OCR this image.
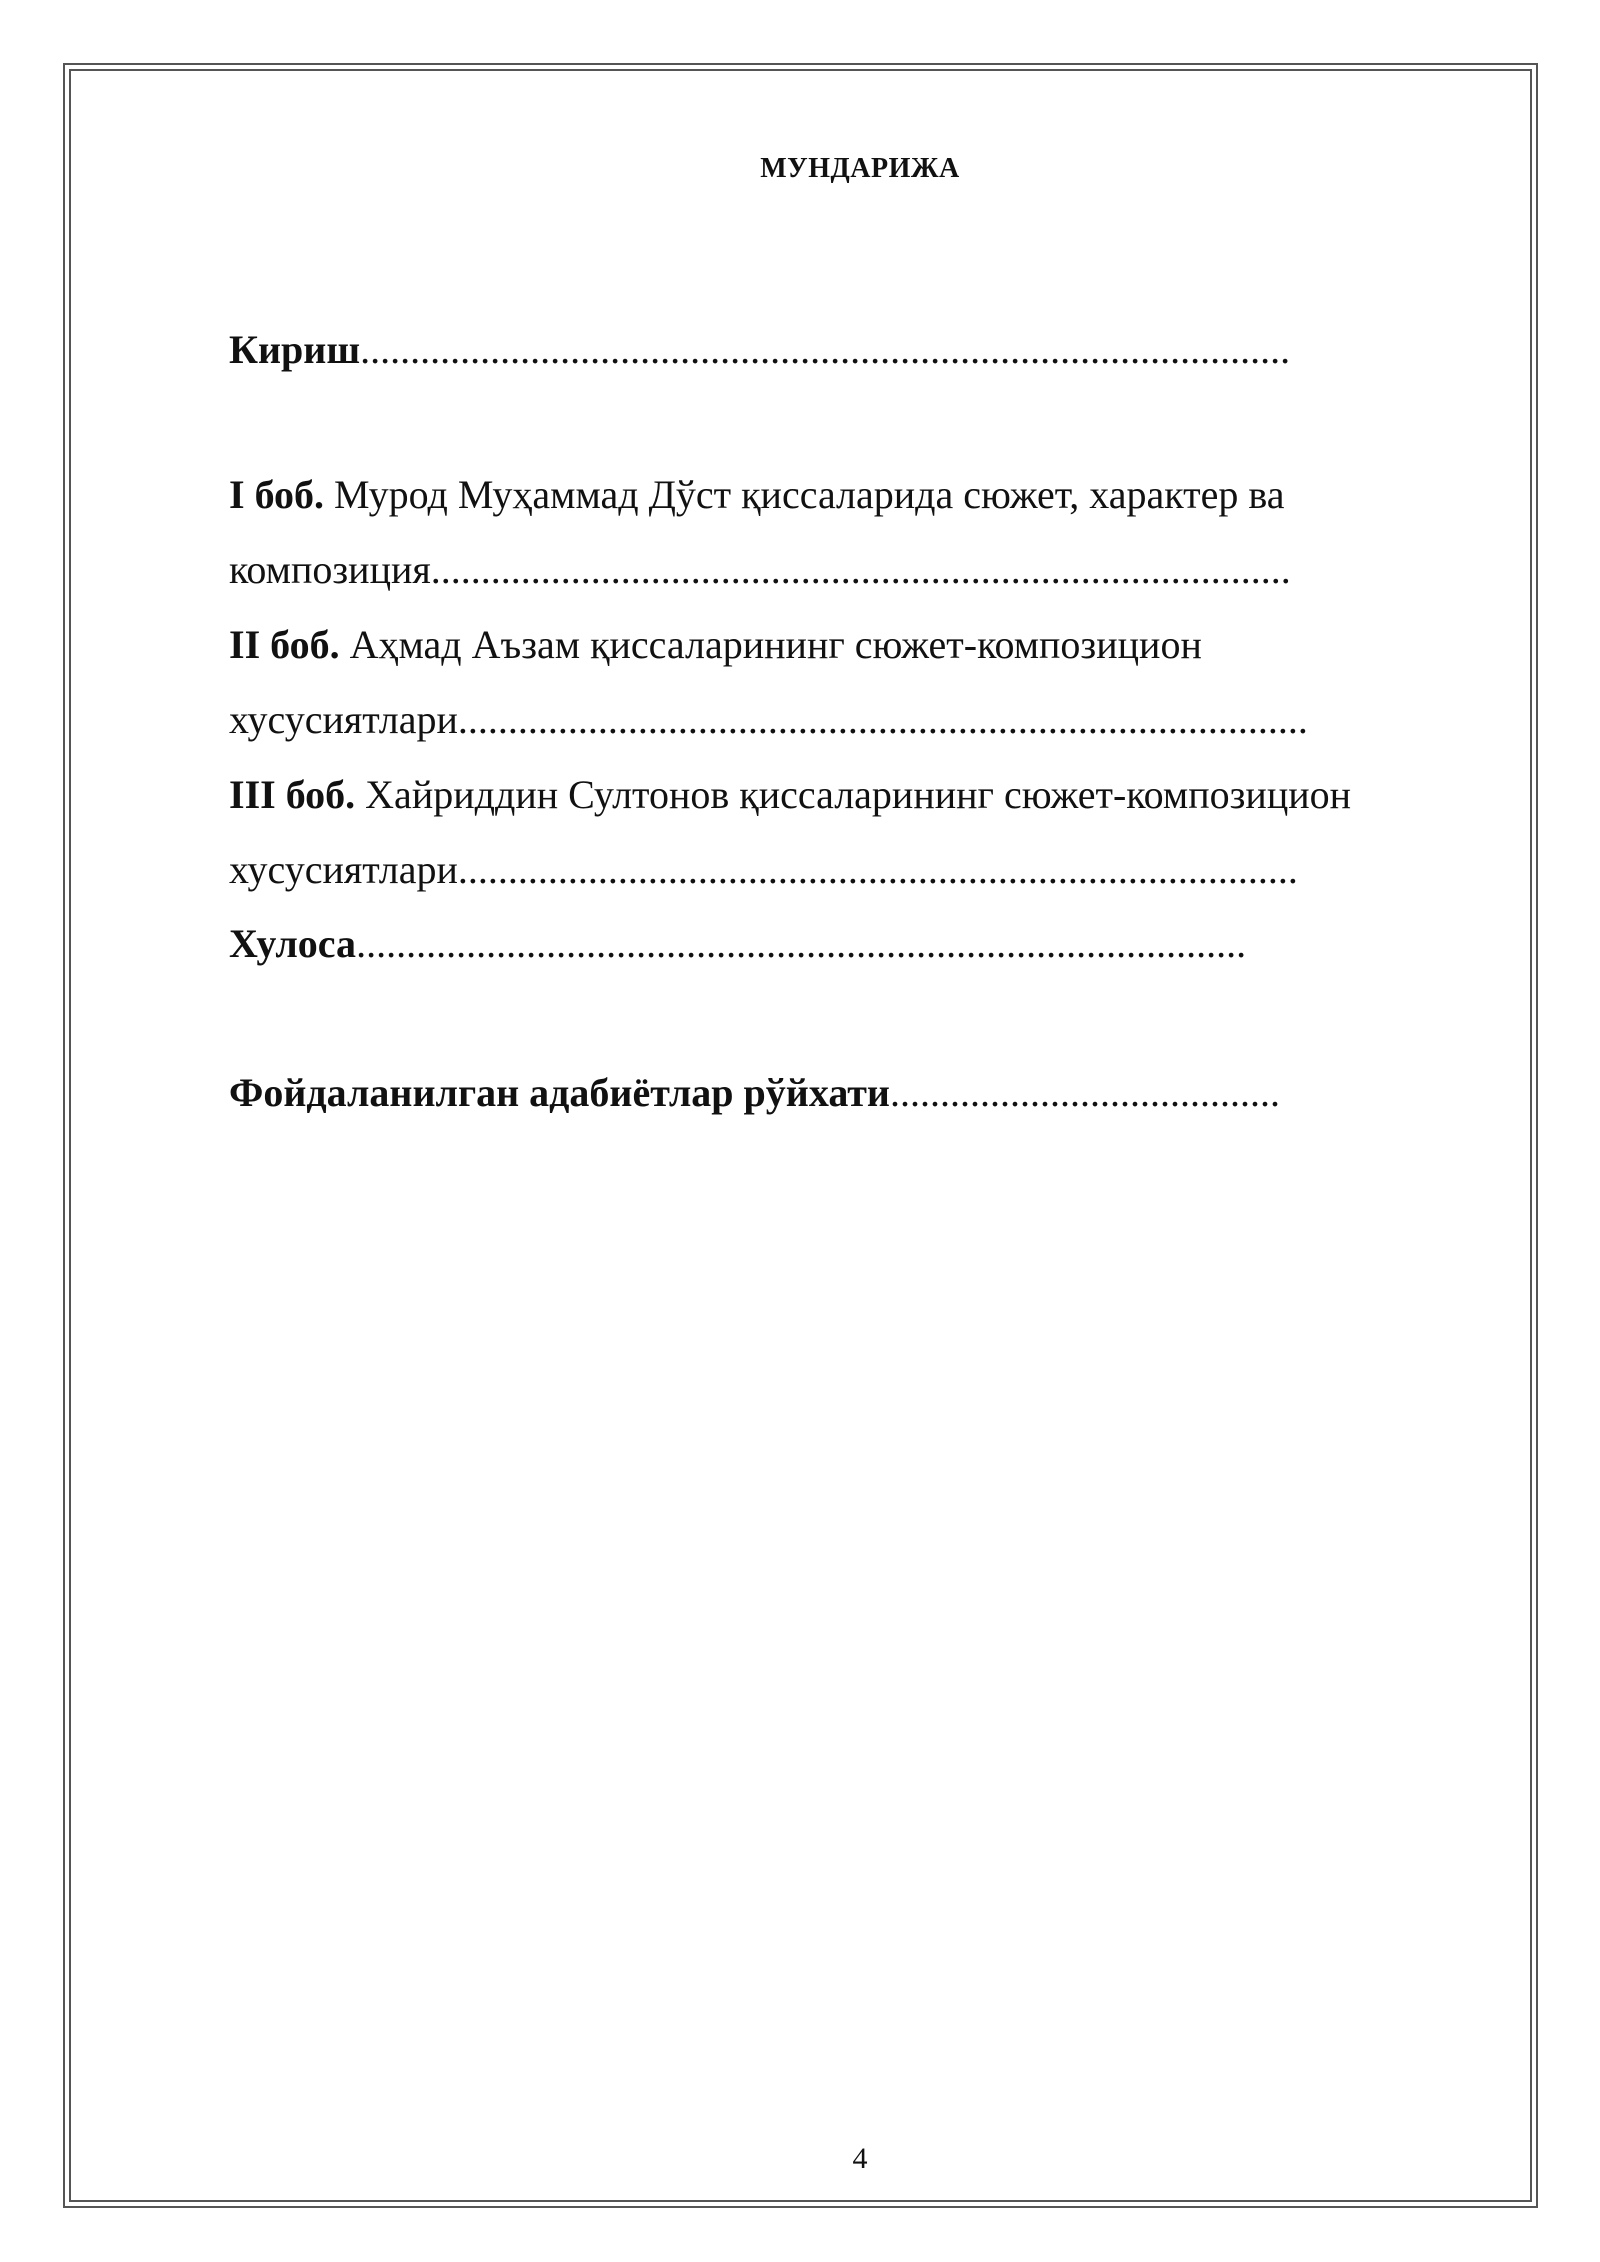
МУНДАРИЖА
Кириш.............................................................................................
I боб. Мурод Муҳаммад Дўст қиссаларида сюжет, характер ва
композиция......................................................................................
II боб. Аҳмад Аъзам қиссаларининг сюжет-композицион
хусусиятлари.....................................................................................
III боб. Хайриддин Султонов қиссаларининг сюжет-композицион
хусусиятлари....................................................................................
Хулоса.........................................................................................
Фойдаланилган адабиётлар рўйхати.......................................
4
